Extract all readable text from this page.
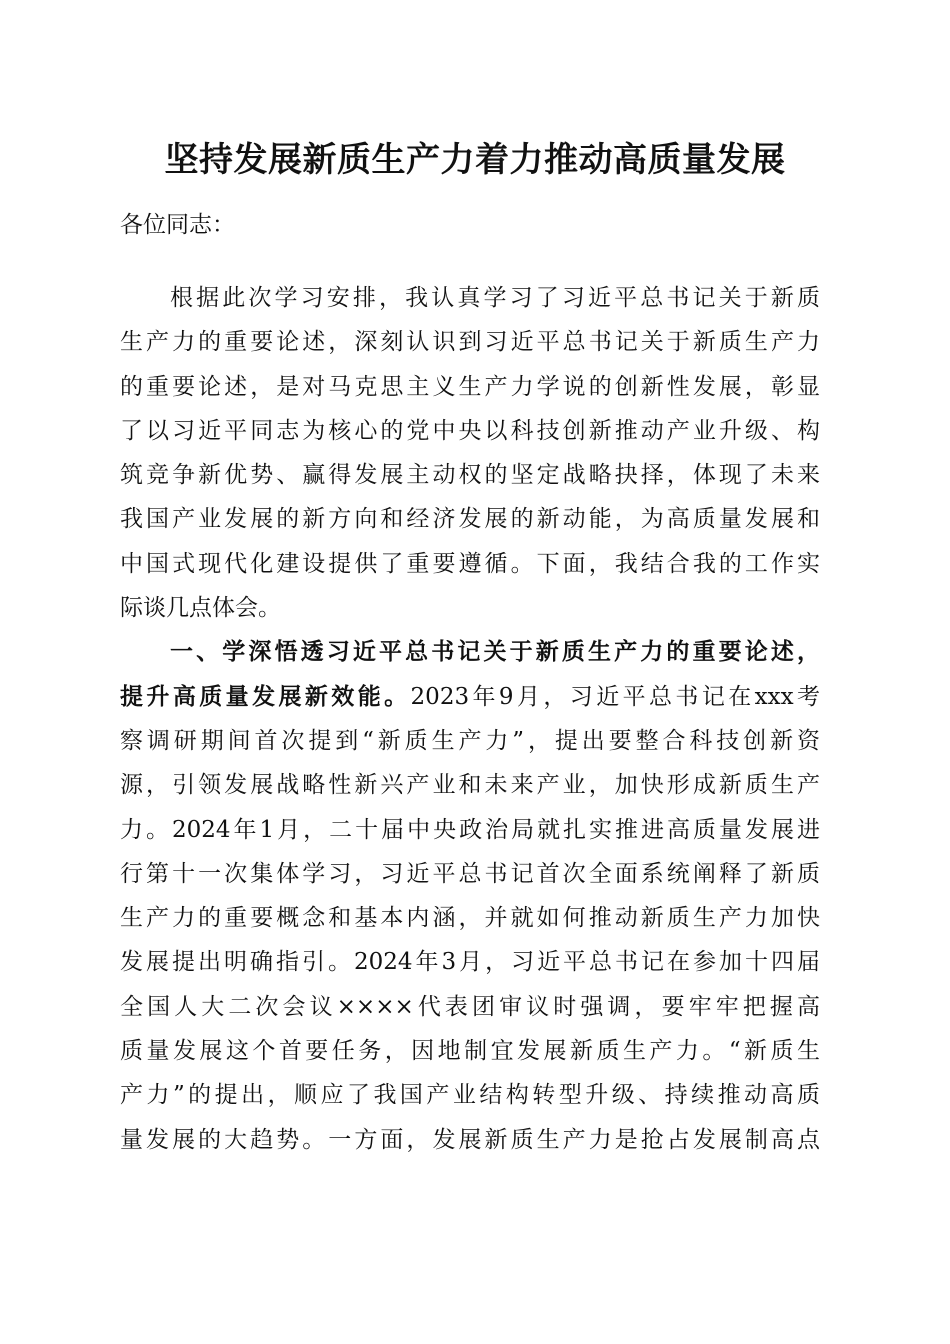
坚持发展新质生产力着力推动高质量发展
各位同志：
根据此次学习安排，我认真学习了习近平总书记关于新质
生产力的重要论述，深刻认识到习近平总书记关于新质生产力
的重要论述，是对马克思主义生产力学说的创新性发展，彰显
了以习近平同志为核心的党中央以科技创新推动产业升级、构
筑竞争新优势、赢得发展主动权的坚定战略抉择，体现了未来
我国产业发展的新方向和经济发展的新动能，为高质量发展和
中国式现代化建设提供了重要遵循。下面，我结合我的工作实
际谈几点体会。
一、学深悟透习近平总书记关于新质生产力的重要论述，
提升高质量发展新效能。2023年9月，习近平总书记在xxx考
察调研期间首次提到“新质生产力”，提出要整合科技创新资
源，引领发展战略性新兴产业和未来产业，加快形成新质生产
力。2024年1月，二十届中央政治局就扎实推进高质量发展进
行第十一次集体学习，习近平总书记首次全面系统阐释了新质
生产力的重要概念和基本内涵，并就如何推动新质生产力加快
发展提出明确指引。2024年3月，习近平总书记在参加十四届
全国人大二次会议××××代表团审议时强调，要牢牢把握高
质量发展这个首要任务，因地制宜发展新质生产力。“新质生
产力”的提出，顺应了我国产业结构转型升级、持续推动高质
量发展的大趋势。一方面，发展新质生产力是抢占发展制高点
